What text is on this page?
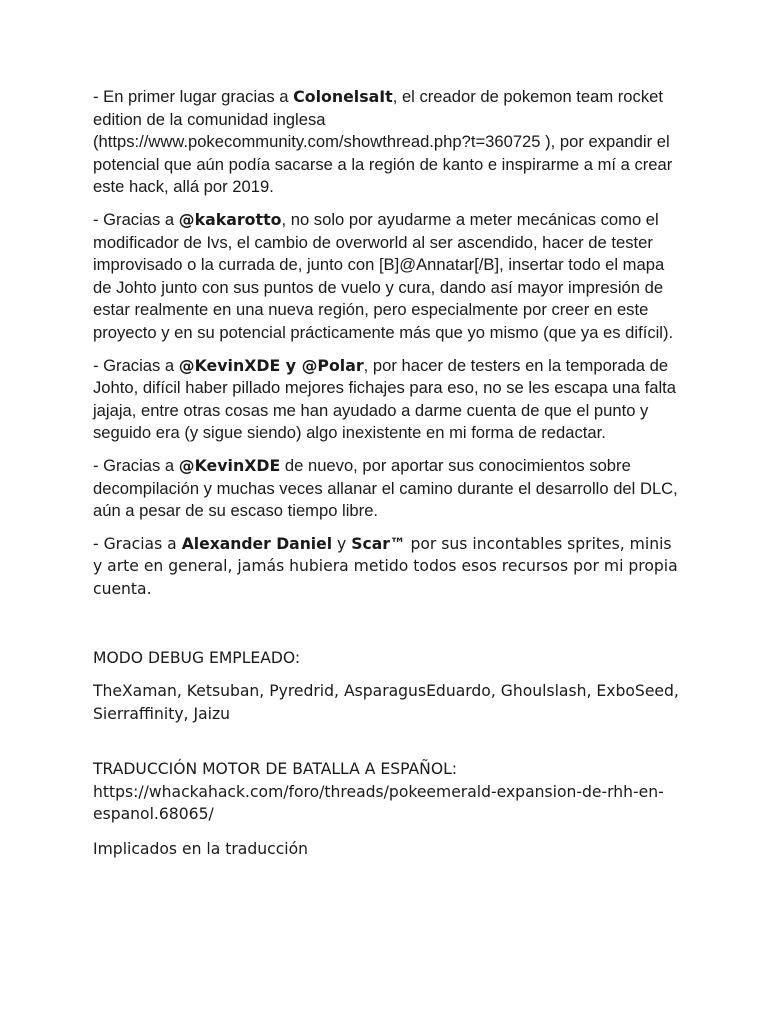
- En primer lugar gracias a ColonelsaIt, el creador de pokemon team rocket edition de la comunidad inglesa (https://www.pokecommunity.com/showthread.php?t=360725 ), por expandir el potencial que aún podía sacarse a la región de kanto e inspirarme a mí a crear este hack, allá por 2019.

- Gracias a @kakarotto, no solo por ayudarme a meter mecánicas como el modificador de Ivs, el cambio de overworld al ser ascendido, hacer de tester improvisado o la currada de, junto con [B]@Annatar[/B], insertar todo el mapa de Johto junto con sus puntos de vuelo y cura, dando así mayor impresión de estar realmente en una nueva región, pero especialmente por creer en este proyecto y en su potencial prácticamente más que yo mismo (que ya es difícil).

- Gracias a @KevinXDE y @Polar, por hacer de testers en la temporada de Johto, difícil haber pillado mejores fichajes para eso, no se les escapa una falta jajaja, entre otras cosas me han ayudado a darme cuenta de que el punto y seguido era (y sigue siendo) algo inexistente en mi forma de redactar.

- Gracias a @KevinXDE de nuevo, por aportar sus conocimientos sobre decompilación y muchas veces allanar el camino durante el desarrollo del DLC, aún a pesar de su escaso tiempo libre.

- Gracias a Alexander Daniel y Scar™ por sus incontables sprites, minis y arte en general, jamás hubiera metido todos esos recursos por mi propia cuenta.

MODO DEBUG EMPLEADO:

TheXaman, Ketsuban, Pyredrid, AsparagusEduardo, Ghoulslash, ExboSeed, Sierraffinity, Jaizu

TRADUCCIÓN MOTOR DE BATALLA A ESPAÑOL:
https://whackahack.com/foro/threads/pokeemerald-expansion-de-rhh-en-espanol.68065/

Implicados en la traducción
